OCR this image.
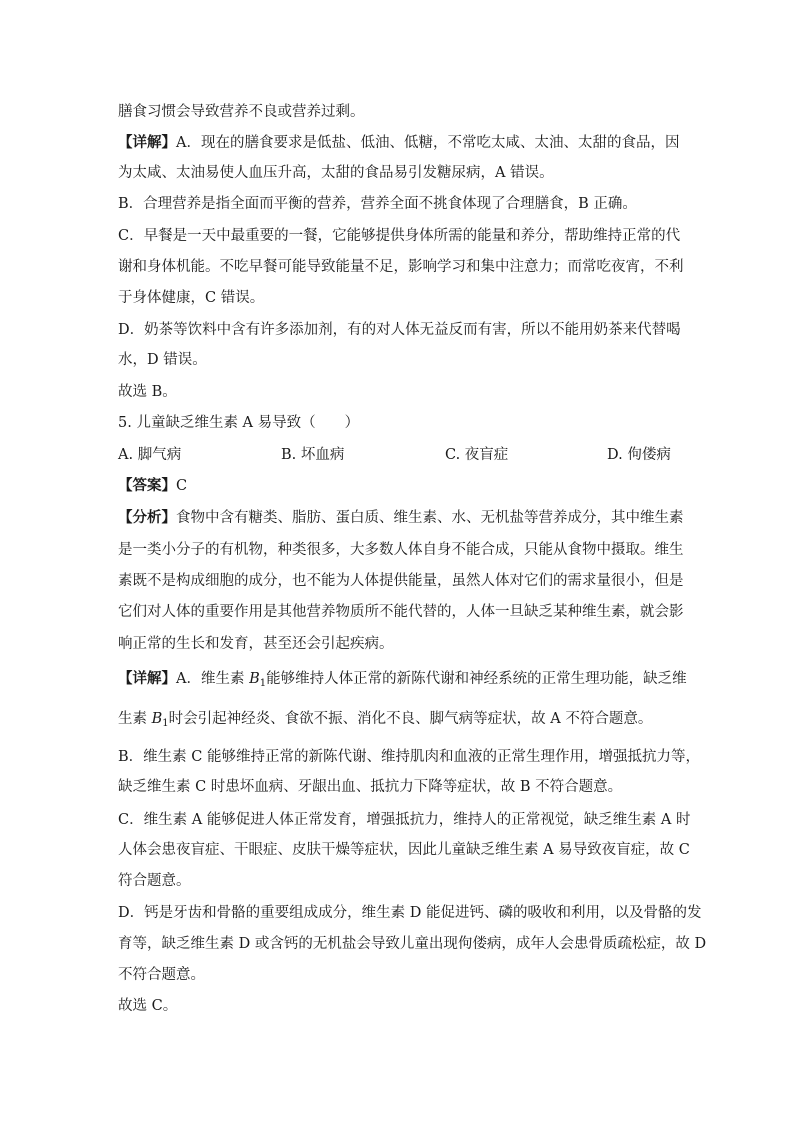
膳食习惯会导致营养不良或营养过剩。
【详解】A．现在的膳食要求是低盐、低油、低糖，不常吃太咸、太油、太甜的食品，因
为太咸、太油易使人血压升高，太甜的食品易引发糖尿病，A 错误。
B．合理营养是指全面而平衡的营养，营养全面不挑食体现了合理膳食，B 正确。
C．早餐是一天中最重要的一餐，它能够提供身体所需的能量和养分，帮助维持正常的代
谢和身体机能。不吃早餐可能导致能量不足，影响学习和集中注意力；而常吃夜宵，不利
于身体健康，C 错误。
D．奶茶等饮料中含有许多添加剂，有的对人体无益反而有害，所以不能用奶茶来代替喝
水，D 错误。
故选 B。
5. 儿童缺乏维生素 A 易导致（　　）
A. 脚气病	B. 坏血病	C. 夜盲症	D. 佝偻病
【答案】C
【分析】食物中含有糖类、脂肪、蛋白质、维生素、水、无机盐等营养成分，其中维生素
是一类小分子的有机物，种类很多，大多数人体自身不能合成，只能从食物中摄取。维生
素既不是构成细胞的成分，也不能为人体提供能量，虽然人体对它们的需求量很小，但是
它们对人体的重要作用是其他营养物质所不能代替的，人体一旦缺乏某种维生素，就会影
响正常的生长和发育，甚至还会引起疾病。
【详解】A．维生素 $B_1$能够维持人体正常的新陈代谢和神经系统的正常生理功能，缺乏维
生素 $B_1$时会引起神经炎、食欲不振、消化不良、脚气病等症状，故 A 不符合题意。
B．维生素 C 能够维持正常的新陈代谢、维持肌肉和血液的正常生理作用，增强抵抗力等，
缺乏维生素 C 时患坏血病、牙龈出血、抵抗力下降等症状，故 B 不符合题意。
C．维生素 A 能够促进人体正常发育，增强抵抗力，维持人的正常视觉，缺乏维生素 A 时
人体会患夜盲症、干眼症、皮肤干燥等症状，因此儿童缺乏维生素 A 易导致夜盲症，故 C
符合题意。
D．钙是牙齿和骨骼的重要组成成分，维生素 D 能促进钙、磷的吸收和利用，以及骨骼的发
育等，缺乏维生素 D 或含钙的无机盐会导致儿童出现佝偻病，成年人会患骨质疏松症，故 D
不符合题意。
故选 C。
